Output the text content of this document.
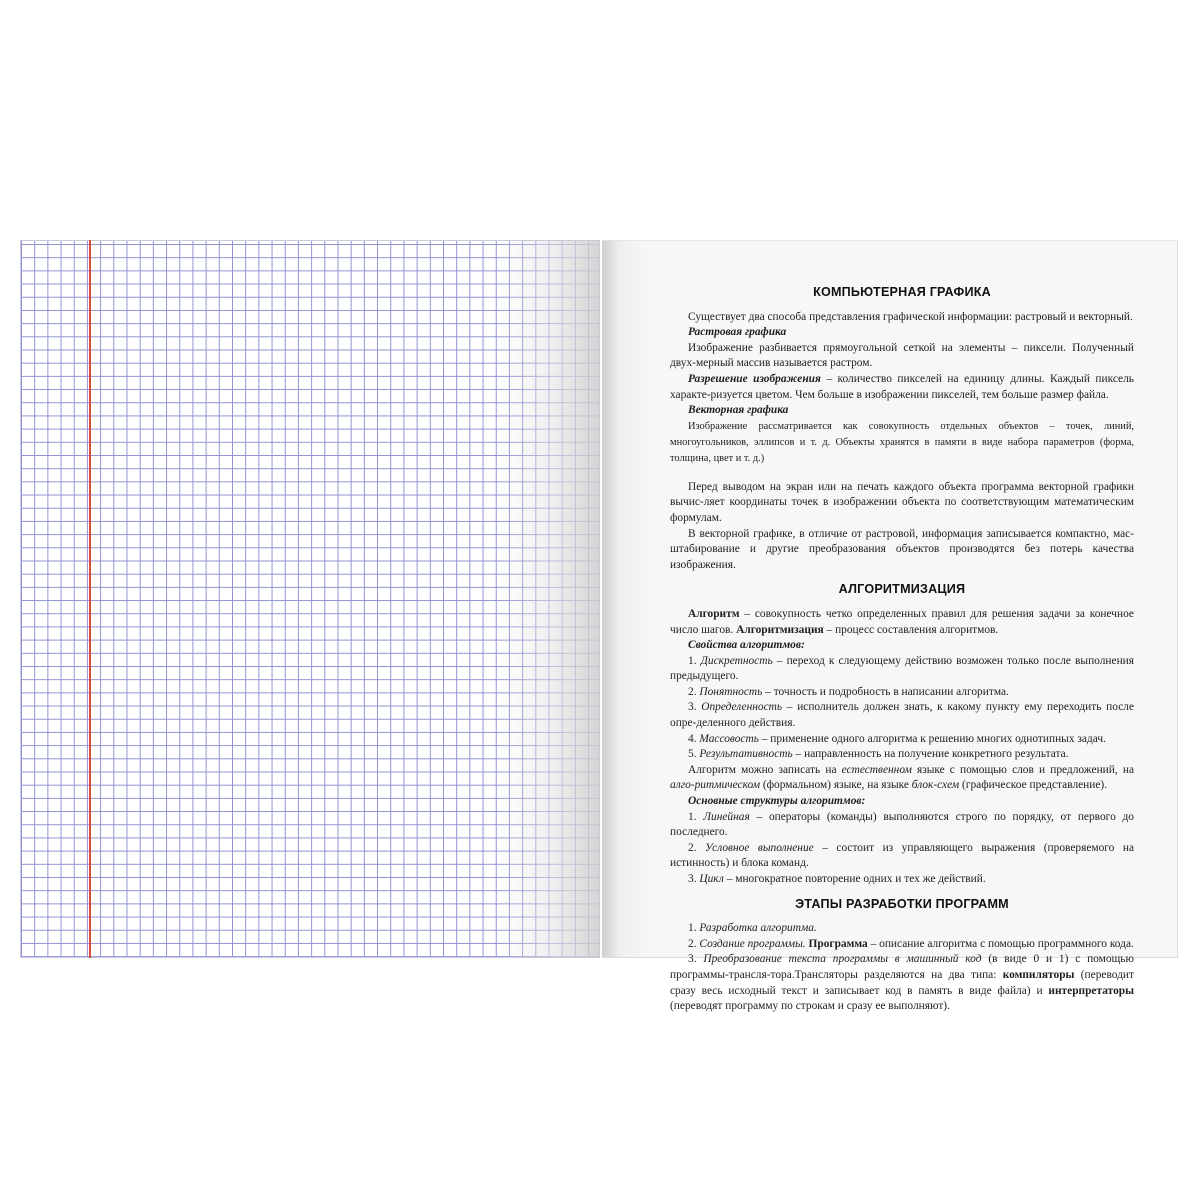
КОМПЬЮТЕРНАЯ ГРАФИКА

Существует два способа представления графической информации: растровый и векторный.

Растровая графика

Изображение разбивается прямоугольной сеткой на элементы – пиксели. Полученный двух-мерный массив называется растром.

Разрешение изображения – количество пикселей на единицу длины. Каждый пиксель характе-ризуется цветом. Чем больше в изображении пикселей, тем больше размер файла.

Векторная графика

Изображение рассматривается как совокупность отдельных объектов – точек, линий, многоугольников, эллипсов и т. д. Объекты хранятся в памяти в виде набора параметров (форма, толщина, цвет и т. д.)

Перед выводом на экран или на печать каждого объекта программа векторной графики вычис-ляет координаты точек в изображении объекта по соответствующим математическим формулам.

В векторной графике, в отличие от растровой, информация записывается компактно, мас-штабирование и другие преобразования объектов производятся без потерь качества изображения.

АЛГОРИТМИЗАЦИЯ

Алгоритм – совокупность четко определенных правил для решения задачи за конечное число шагов. Алгоритмизация – процесс составления алгоритмов.

Свойства алгоритмов:

1. Дискретность – переход к следующему действию возможен только после выполнения предыдущего.

2. Понятность – точность и подробность в написании алгоритма.

3. Определенность – исполнитель должен знать, к какому пункту ему переходить после опре-деленного действия.

4. Массовость – применение одного алгоритма к решению многих однотипных задач.

5. Результативность – направленность на получение конкретного результата.

Алгоритм можно записать на естественном языке с помощью слов и предложений, на алго-ритмическом (формальном) языке, на языке блок-схем (графическое представление).

Основные структуры алгоритмов:

1. Линейная – операторы (команды) выполняются строго по порядку, от первого до последнего.

2. Условное выполнение – состоит из управляющего выражения (проверяемого на истинность) и блока команд.

3. Цикл – многократное повторение одних и тех же действий.

ЭТАПЫ РАЗРАБОТКИ ПРОГРАММ

1. Разработка алгоритма.

2. Создание программы. Программа – описание алгоритма с помощью программного кода.

3. Преобразование текста программы в машинный код (в виде 0 и 1) с помощью программы-трансля-тора.Трансляторы разделяются на два типа: компиляторы (переводит сразу весь исходный текст и записывает код в память в виде файла) и интерпретаторы (переводят программу по строкам и сразу ее выполняют).
